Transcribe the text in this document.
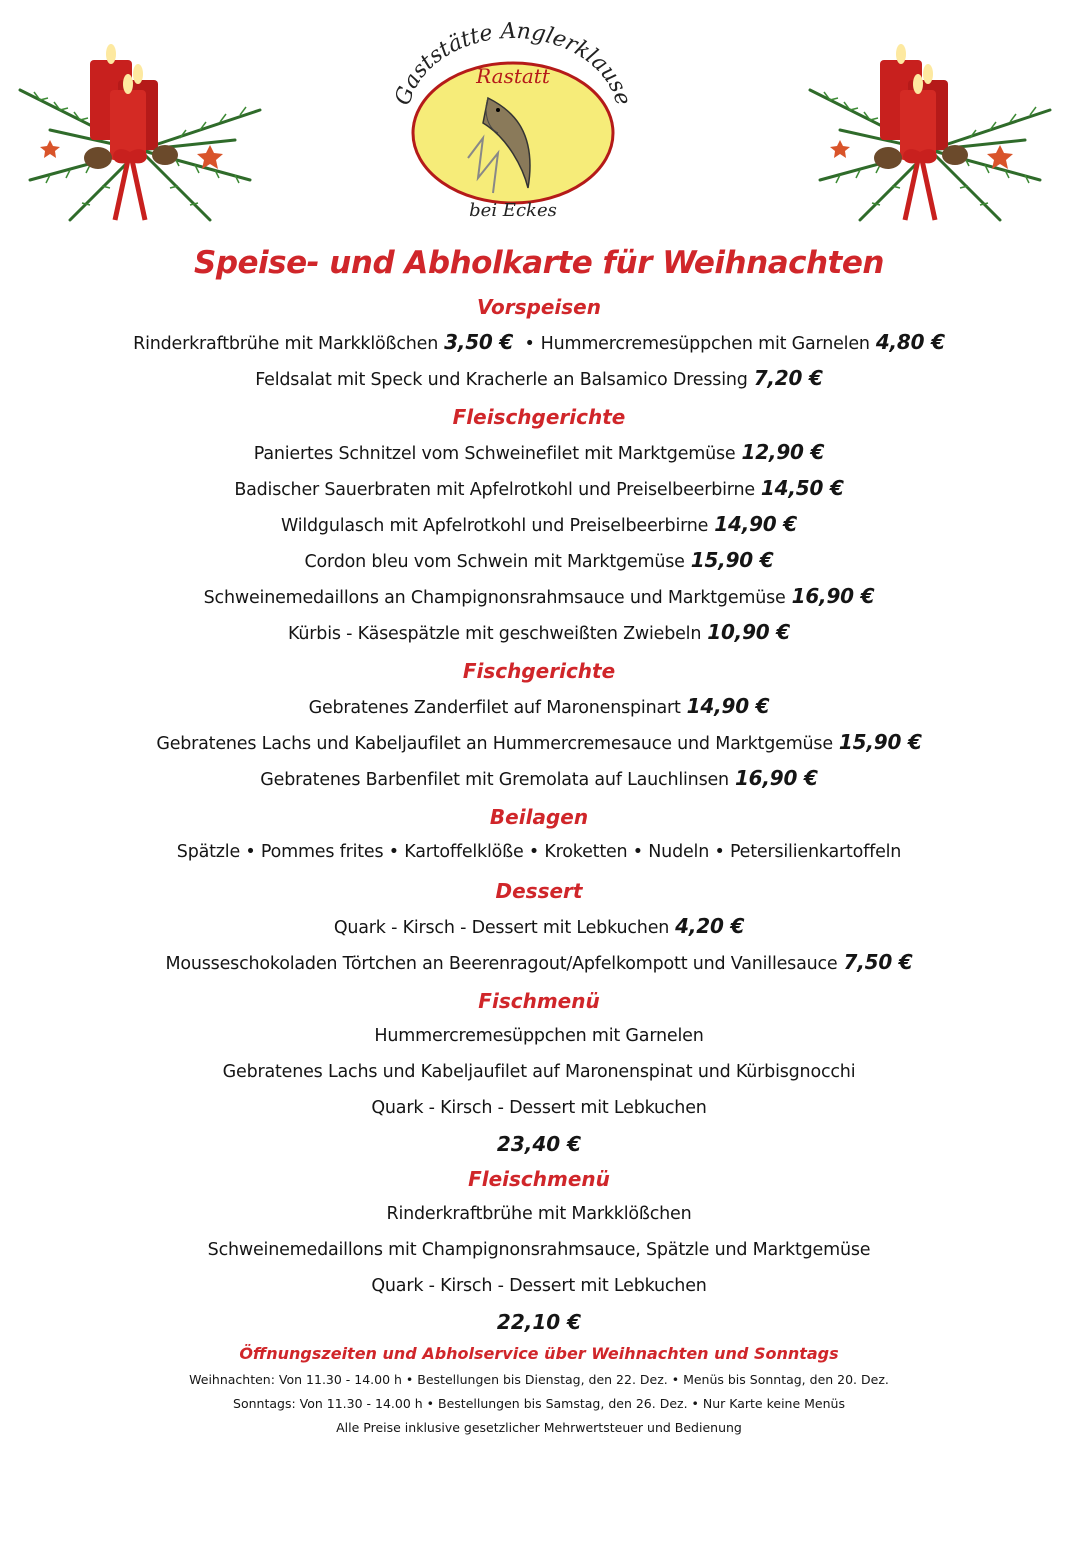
Gaststätte Anglerklause
Rastatt
bei Eckes
Speise- und Abholkarte für Weihnachten
Vorspeisen
Rinderkraftbrühe mit Markklößchen 3,50 € • Hummercremesüppchen mit Garnelen 4,80 €
Feldsalat mit Speck und Kracherle an Balsamico Dressing 7,20 €
Fleischgerichte
Paniertes Schnitzel vom Schweinefilet mit Marktgemüse 12,90 €
Badischer Sauerbraten mit Apfelrotkohl und Preiselbeerbirne 14,50 €
Wildgulasch mit Apfelrotkohl und Preiselbeerbirne 14,90 €
Cordon bleu vom Schwein mit Marktgemüse 15,90 €
Schweinemedaillons an Champignonsrahmsauce und Marktgemüse 16,90 €
Kürbis - Käsespätzle mit geschweißten Zwiebeln 10,90 €
Fischgerichte
Gebratenes Zanderfilet auf Maronenspinart 14,90 €
Gebratenes Lachs und Kabeljaufilet an Hummercremesauce und Marktgemüse 15,90 €
Gebratenes Barbenfilet mit Gremolata auf Lauchlinsen 16,90 €
Beilagen
Spätzle • Pommes frites • Kartoffelklöße • Kroketten • Nudeln • Petersilienkartoffeln
Dessert
Quark - Kirsch - Dessert mit Lebkuchen 4,20 €
Mousseschokoladen Törtchen an Beerenragout/Apfelkompott und Vanillesauce 7,50 €
Fischmenü
Hummercremesüppchen mit Garnelen
Gebratenes Lachs und Kabeljaufilet auf Maronenspinat und Kürbisgnocchi
Quark - Kirsch - Dessert mit Lebkuchen
23,40 €
Fleischmenü
Rinderkraftbrühe mit Markklößchen
Schweinemedaillons mit Champignonsrahmsauce, Spätzle und Marktgemüse
Quark - Kirsch - Dessert mit Lebkuchen
22,10 €
Öffnungszeiten und Abholservice über Weihnachten und Sonntags
Weihnachten: Von 11.30 - 14.00 h • Bestellungen bis Dienstag, den 22. Dez. • Menüs bis Sonntag, den 20. Dez.
Sonntags: Von 11.30 - 14.00 h • Bestellungen bis Samstag, den 26. Dez. • Nur Karte keine Menüs
Alle Preise inklusive gesetzlicher Mehrwertsteuer und Bedienung
